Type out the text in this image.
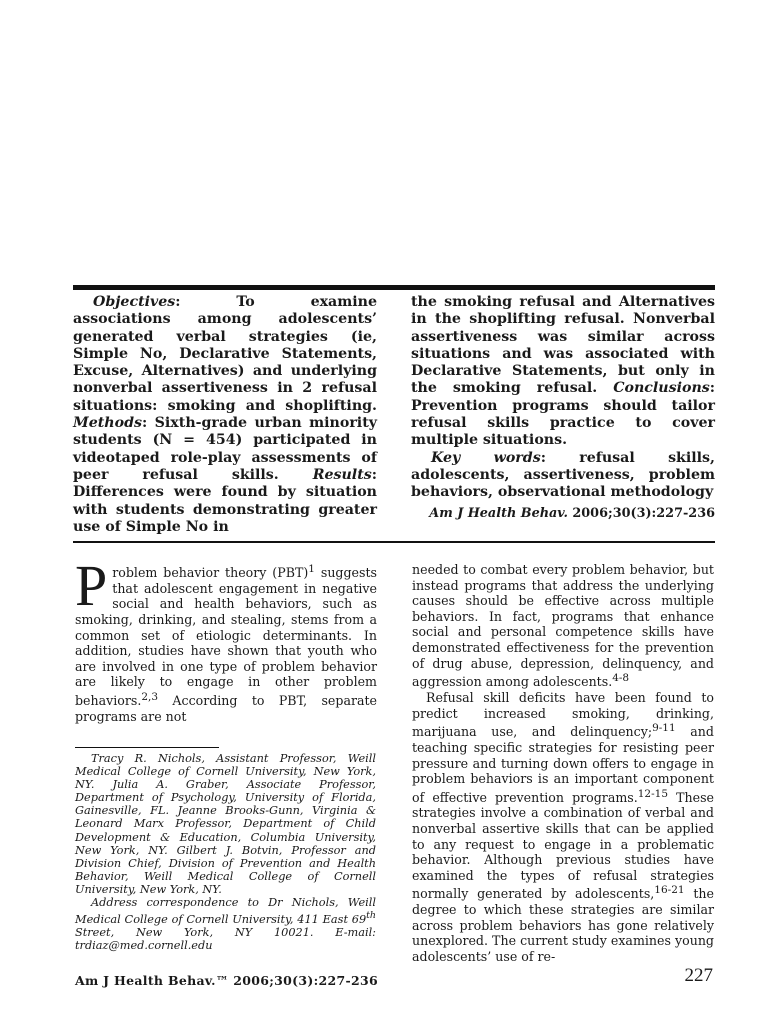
Objectives: To examine associations among adolescents’ generated verbal strategies (ie, Simple No, Declarative Statements, Excuse, Alternatives) and underlying nonverbal assertiveness in 2 refusal situations: smoking and shoplifting. Methods: Sixth-grade urban minority students (N = 454) participated in videotaped role-play assessments of peer refusal skills. Results: Differences were found by situation with students demonstrating greater use of Simple No in

the smoking refusal and Alternatives in the shoplifting refusal. Nonverbal assertiveness was similar across situations and was associated with Declarative Statements, but only in the smoking refusal. Conclusions: Prevention programs should tailor refusal skills practice to cover multiple situations.

Key words: refusal skills, adolescents, assertiveness, problem behaviors, observational methodology

Am J Health Behav. 2006;30(3):227-236

Problem behavior theory (PBT)$^1$ suggests that adolescent engagement in negative social and health behaviors, such as smoking, drinking, and stealing, stems from a common set of etiologic determinants. In addition, studies have shown that youth who are involved in one type of problem behavior are likely to engage in other problem behaviors.$^{2,3}$ According to PBT, separate programs are not

Tracy R. Nichols, Assistant Professor, Weill Medical College of Cornell University, New York, NY. Julia A. Graber, Associate Professor, Department of Psychology, University of Florida, Gainesville, FL. Jeanne Brooks-Gunn, Virginia & Leonard Marx Professor, Department of Child Development & Education, Columbia University, New York, NY. Gilbert J. Botvin, Professor and Division Chief, Division of Prevention and Health Behavior, Weill Medical College of Cornell University, New York, NY.

Address correspondence to Dr Nichols, Weill Medical College of Cornell University, 411 East 69th Street, New York, NY 10021. E-mail: trdiaz@med.cornell.edu

needed to combat every problem behavior, but instead programs that address the underlying causes should be effective across multiple behaviors. In fact, programs that enhance social and personal competence skills have demonstrated effectiveness for the prevention of drug abuse, depression, delinquency, and aggression among adolescents.$^{4-8}$

Refusal skill deficits have been found to predict increased smoking, drinking, marijuana use, and delinquency;$^{9-11}$ and teaching specific strategies for resisting peer pressure and turning down offers to engage in problem behaviors is an important component of effective prevention programs.$^{12-15}$ These strategies involve a combination of verbal and nonverbal assertive skills that can be applied to any request to engage in a problematic behavior. Although previous studies have examined the types of refusal strategies normally generated by adolescents,$^{16-21}$ the degree to which these strategies are similar across problem behaviors has gone relatively unexplored. The current study examines young adolescents’ use of re-

Am J Health Behav.™ 2006;30(3):227-236	227
